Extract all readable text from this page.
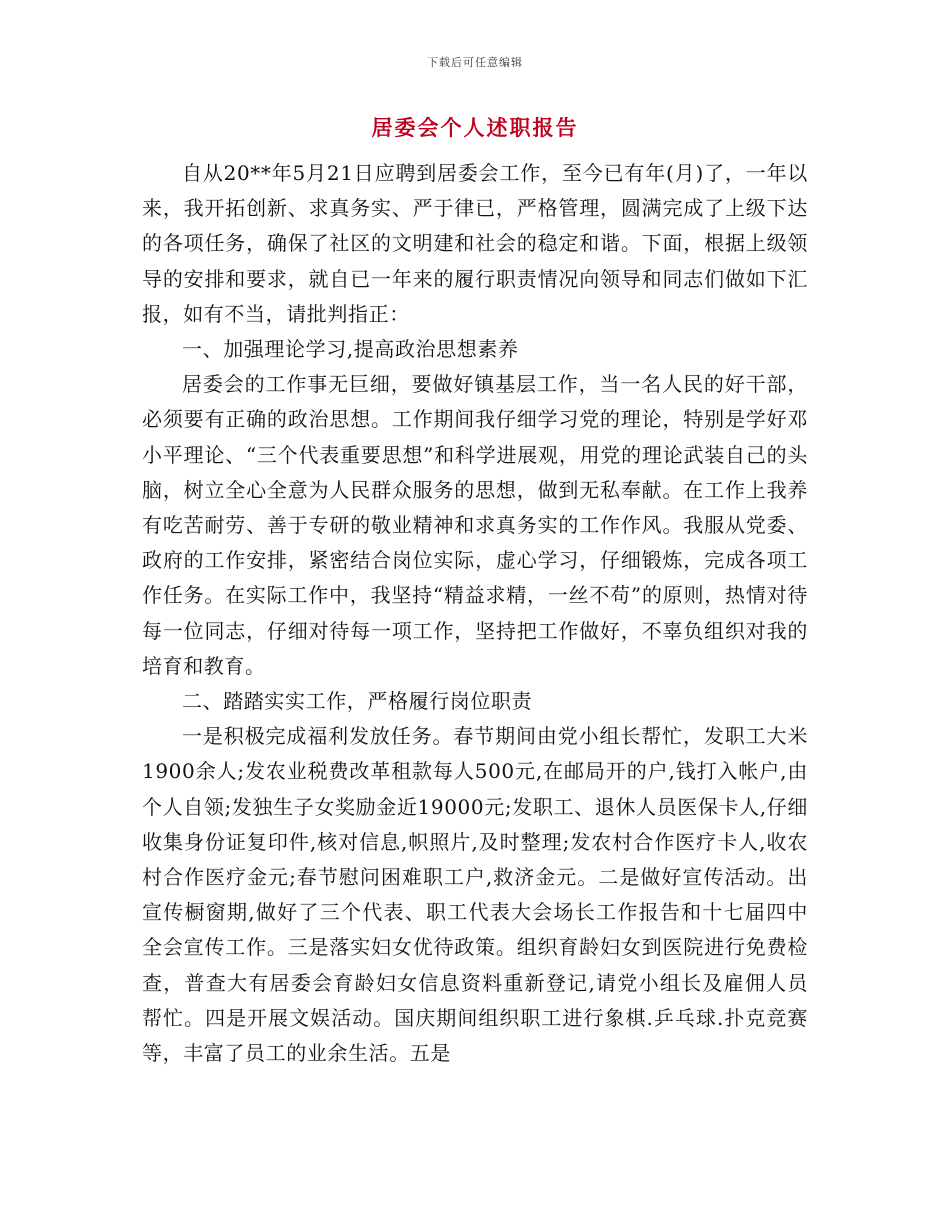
下载后可任意编辑
居委会个人述职报告

自从20**年5月21日应聘到居委会工作，至今已有年(月)了，一年以来，我开拓创新、求真务实、严于律已，严格管理，圆满完成了上级下达的各项任务，确保了社区的文明建和社会的稳定和谐。下面，根据上级领导的安排和要求，就自已一年来的履行职责情况向领导和同志们做如下汇报，如有不当，请批判指正：

一、加强理论学习,提高政治思想素养

居委会的工作事无巨细，要做好镇基层工作，当一名人民的好干部，必须要有正确的政治思想。工作期间我仔细学习党的理论，特别是学好邓小平理论、“三个代表重要思想”和科学进展观，用党的理论武装自己的头脑，树立全心全意为人民群众服务的思想，做到无私奉献。在工作上我养有吃苦耐劳、善于专研的敬业精神和求真务实的工作作风。我服从党委、政府的工作安排，紧密结合岗位实际，虚心学习，仔细锻炼，完成各项工作任务。在实际工作中，我坚持“精益求精，一丝不苟”的原则，热情对待每一位同志，仔细对待每一项工作，坚持把工作做好，不辜负组织对我的培育和教育。

二、踏踏实实工作，严格履行岗位职责

一是积极完成福利发放任务。春节期间由党小组长帮忙，发职工大米1900余人;发农业税费改革租款每人500元,在邮局开的户,钱打入帐户,由个人自领;发独生子女奖励金近19000元;发职工、退休人员医保卡人,仔细收集身份证复印件,核对信息,帜照片,及时整理;发农村合作医疗卡人,收农村合作医疗金元;春节慰问困难职工户,救济金元。二是做好宣传活动。出宣传橱窗期,做好了三个代表、职工代表大会场长工作报告和十七届四中全会宣传工作。三是落实妇女优待政策。组织育龄妇女到医院进行免费检查，普查大有居委会育龄妇女信息资料重新登记,请党小组长及雇佣人员帮忙。四是开展文娱活动。国庆期间组织职工进行象棋.乒乓球.扑克竞赛等，丰富了员工的业余生活。五是
